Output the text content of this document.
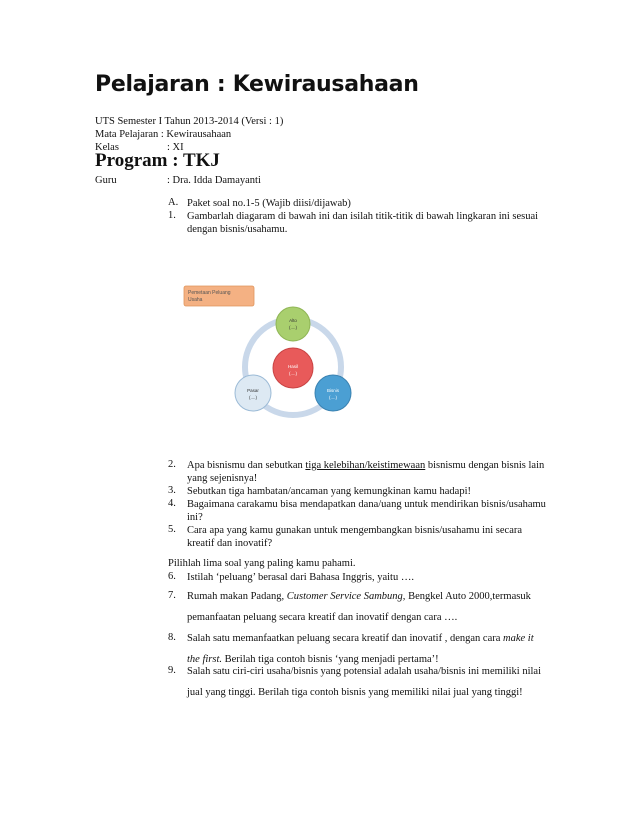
Pelajaran : Kewirausahaan
UTS Semester I Tahun 2013-2014 (Versi : 1)
Mata Pelajaran : Kewirausahaan
Kelas	: XI
Program : TKJ
Guru	: Dra. Idda Damayanti
A. Paket soal no.1-5 (Wajib diisi/dijawab)
1. Gambarlah diagaram di bawah ini dan isilah titik-titik di bawah lingkaran ini sesuai dengan bisnis/usahamu.
Pemetaan Peluang
Usaha
Alto
(....)
Hasil
(....)
Pasar
(....)
Bisnis
(....)
2. Apa bisnismu dan sebutkan tiga kelebihan/keistimewaan bisnismu dengan bisnis lain yang sejenisnya!
3. Sebutkan tiga hambatan/ancaman yang kemungkinan kamu hadapi!
4. Bagaimana carakamu bisa mendapatkan dana/uang untuk mendirikan bisnis/usahamu ini?
5. Cara apa yang kamu gunakan untuk mengembangkan bisnis/usahamu ini secara kreatif dan inovatif?
Pilihlah lima soal yang paling kamu pahami.
6. Istilah ‘peluang’ berasal dari Bahasa Inggris, yaitu ….
7. Rumah makan Padang, Customer Service Sambung, Bengkel Auto 2000,termasuk pemanfaatan peluang secara kreatif dan inovatif dengan cara ….
8. Salah satu memanfaatkan peluang secara kreatif dan inovatif , dengan cara make it the first. Berilah tiga contoh bisnis ‘yang menjadi pertama’!
9. Salah satu ciri-ciri usaha/bisnis yang potensial adalah usaha/bisnis ini memiliki nilai jual yang tinggi. Berilah tiga contoh bisnis yang memiliki nilai jual yang tinggi!
